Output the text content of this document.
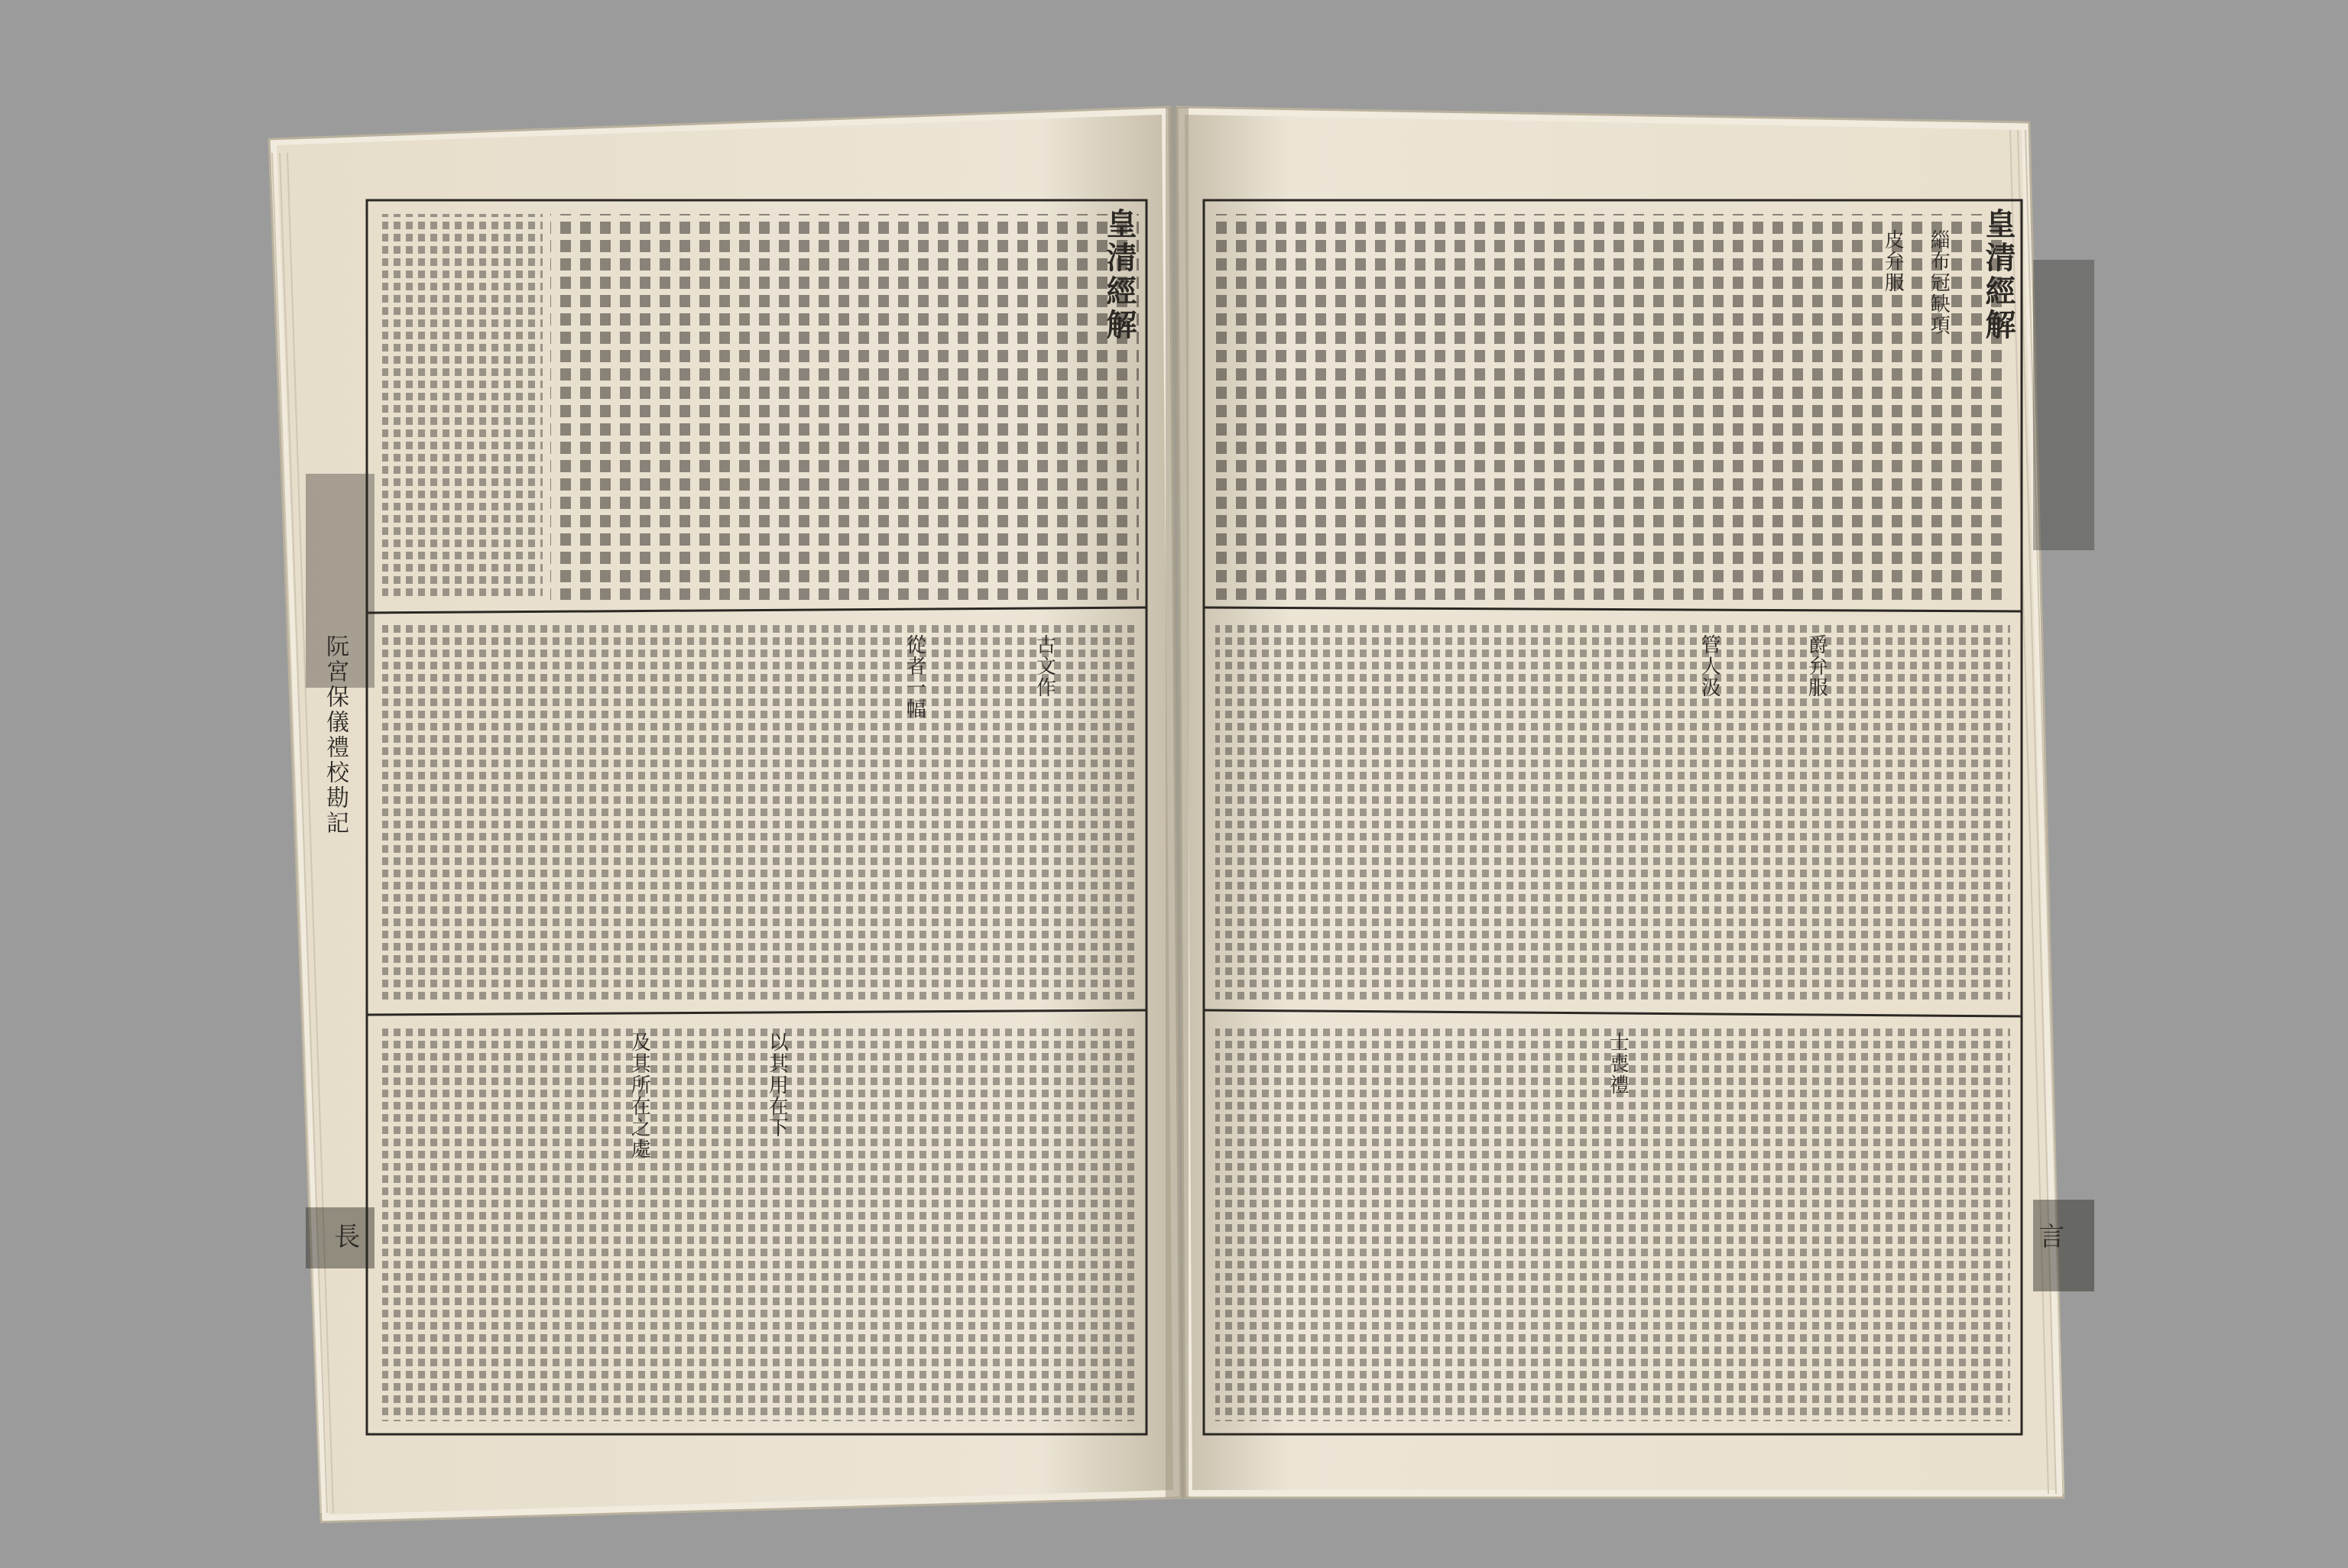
皇清經解
阮宮保儀禮校勘記
長
古文作
從者一幅
以其用在下
及其所在之處
皇清經解
言
緇布冠缺項
皮弁服
爵弁服
管人汲
士喪禮
